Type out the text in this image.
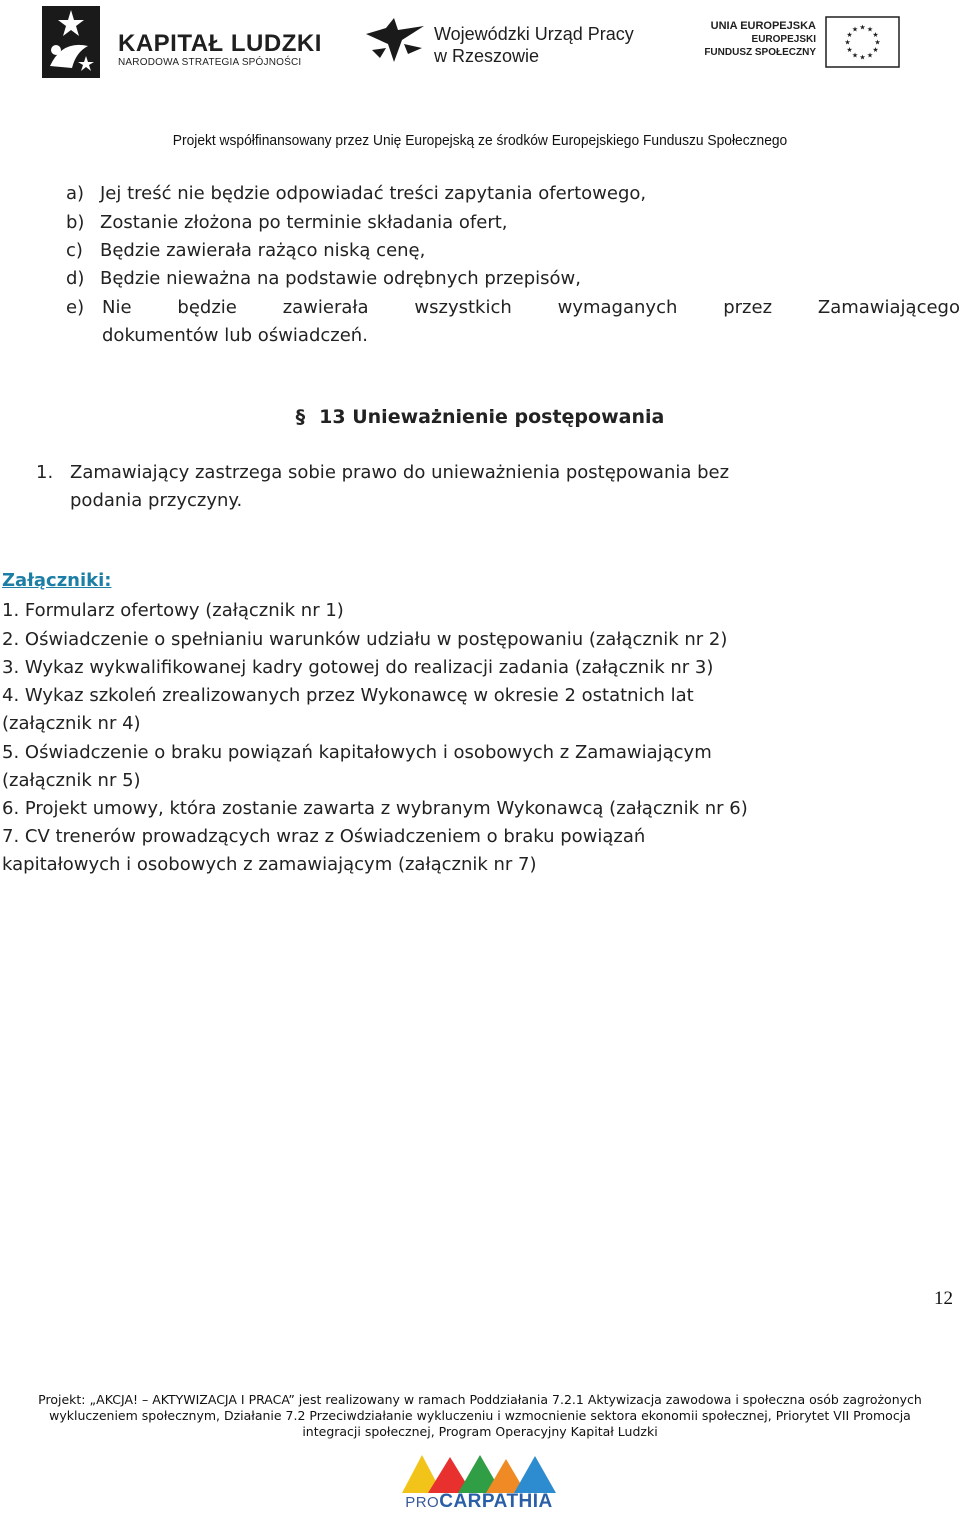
KAPITAŁ LUDZKI
NARODOWA STRATEGIA SPÓJNOŚCI
Wojewódzki Urząd Pracy
w Rzeszowie
UNIA EUROPEJSKA
EUROPEJSKI
FUNDUSZ SPOŁECZNY
★ ★
★
★
★
★
★
★
★
★
★
★
Projekt współfinansowany przez Unię Europejską ze środków Europejskiego Funduszu Społecznego
a) Jej treść nie będzie odpowiadać treści zapytania ofertowego,
b) Zostanie złożona po terminie składania ofert,
c) Będzie zawierała rażąco niską cenę,
d) Będzie nieważna na podstawie odrębnych przepisów,
e) Nie będzie zawierała wszystkich wymaganych przez Zamawiającego
dokumentów lub oświadczeń.
§ 13 Unieważnienie postępowania
1. Zamawiający zastrzega sobie prawo do unieważnienia postępowania bez
podania przyczyny.
Załączniki:
1. Formularz ofertowy (załącznik nr 1)
2. Oświadczenie o spełnianiu warunków udziału w postępowaniu (załącznik nr 2)
3. Wykaz wykwalifikowanej kadry gotowej do realizacji zadania (załącznik nr 3)
4. Wykaz szkoleń zrealizowanych przez Wykonawcę w okresie 2 ostatnich lat
(załącznik nr 4)
5. Oświadczenie o braku powiązań kapitałowych i osobowych z Zamawiającym
(załącznik nr 5)
6. Projekt umowy, która zostanie zawarta z wybranym Wykonawcą (załącznik nr 6)
7. CV trenerów prowadzących wraz z Oświadczeniem o braku powiązań
kapitałowych i osobowych z zamawiającym (załącznik nr 7)
12
Projekt: „AKCJA! – AKTYWIZACJA I PRACA” jest realizowany w ramach Poddziałania 7.2.1 Aktywizacja zawodowa i społeczna osób zagrożonych
wykluczeniem społecznym, Działanie 7.2 Przeciwdziałanie wykluczeniu i wzmocnienie sektora ekonomii społecznej, Priorytet VII Promocja
integracji społecznej, Program Operacyjny Kapitał Ludzki
PROCARPATHIA
